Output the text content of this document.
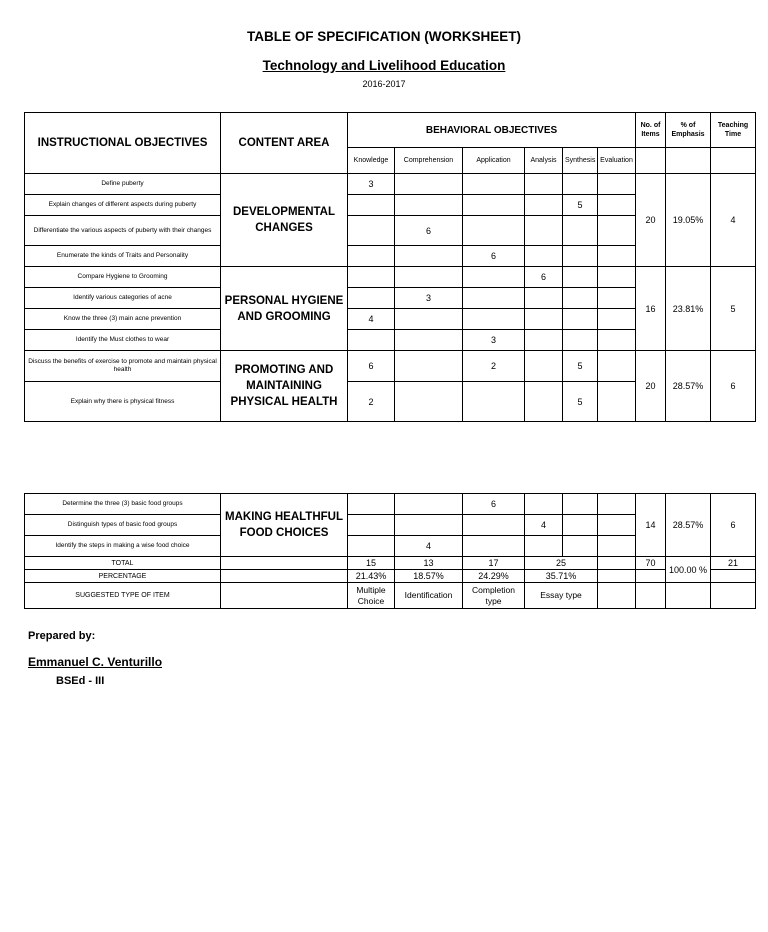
TABLE OF SPECIFICATION (WORKSHEET)
Technology and Livelihood Education
2016-2017
INSTRUCTIONAL OBJECTIVES	CONTENT AREA	BEHAVIORAL OBJECTIVES						No. of Items	% of Emphasis	Teaching Time
		Knowledge	Comprehension	Application	Analysis	Synthesis	Evaluation			
Define puberty	DEVELOPMENTAL CHANGES	3						20	19.05%	4
Explain changes of different aspects during puberty						5				
Differentiate the various aspects of puberty with their changes			6							
Enumerate the kinds of Traits and Personality				6						
Compare Hygiene to Grooming	PERSONAL HYGIENE AND GROOMING				6			16	23.81%	5
Identify various categories of acne			3							
Know the three (3) main acne prevention		4								
Identify the Must clothes to wear				3						
Discuss the benefits of exercise to promote and maintain physical health	PROMOTING AND MAINTAINING PHYSICAL HEALTH	6		2		5		20	28.57%	6
Explain why there is physical fitness		2				5				
Determine the three (3) basic food groups	MAKING HEALTHFUL FOOD CHOICES			6				14	28.57%	6
Distinguish types of basic food groups					4					
Identify the steps in making a wise food choice			4							
TOTAL		15	13	17	25			70	100.00 %	21
PERCENTAGE		21.43%	18.57%	24.29%	35.71%					
SUGGESTED TYPE OF ITEM		Multiple Choice	Identification	Completion type	Essay type					
Prepared by:
Emmanuel C. Venturillo
BSEd - III
